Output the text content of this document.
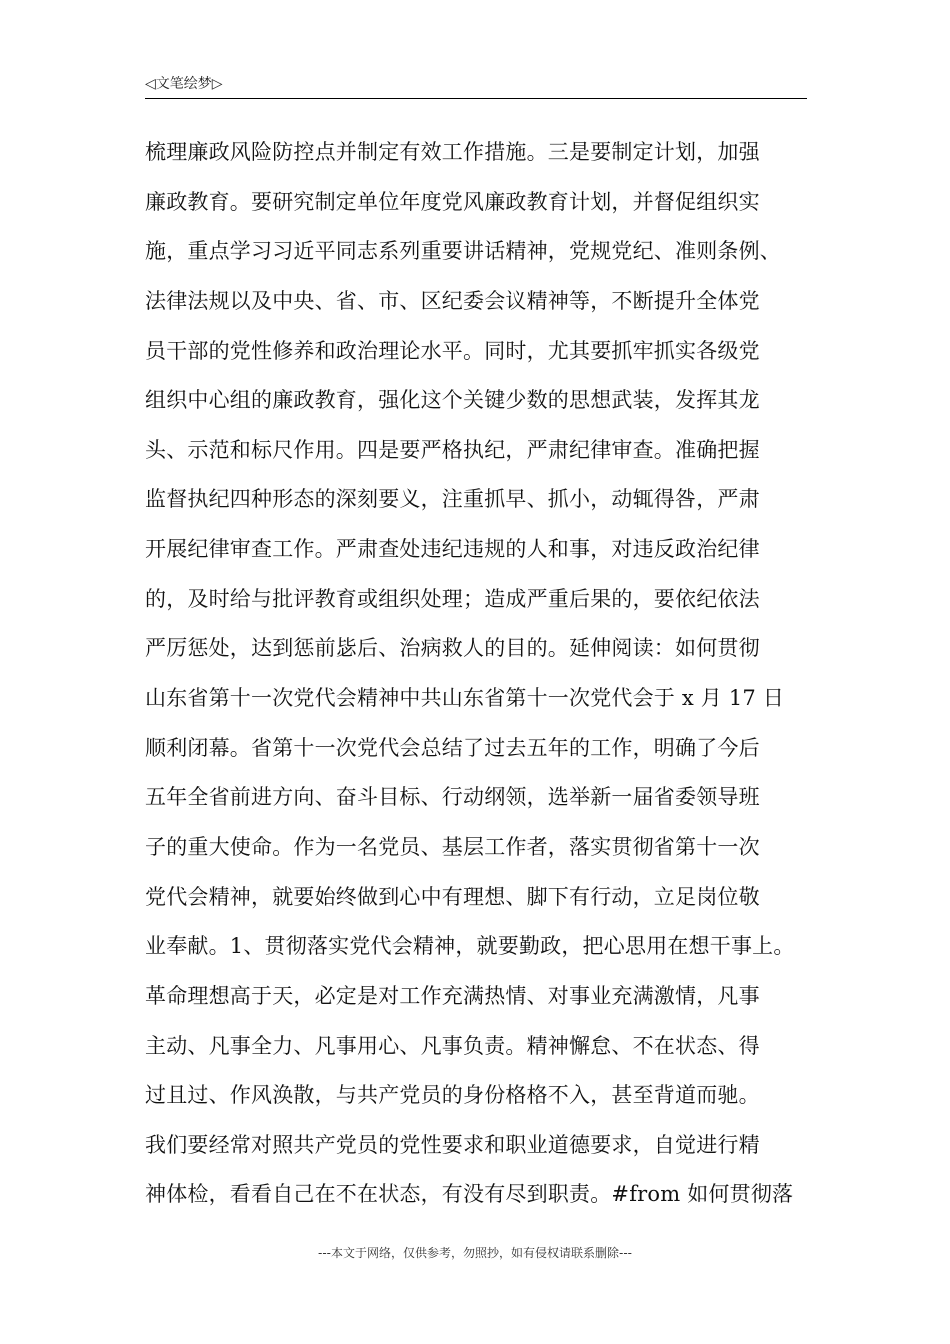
◁文笔绘梦▷
梳理廉政风险防控点并制定有效工作措施。三是要制定计划，加强
廉政教育。要研究制定单位年度党风廉政教育计划，并督促组织实
施，重点学习习近平同志系列重要讲话精神，党规党纪、准则条例、
法律法规以及中央、省、市、区纪委会议精神等，不断提升全体党
员干部的党性修养和政治理论水平。同时，尤其要抓牢抓实各级党
组织中心组的廉政教育，强化这个关键少数的思想武装，发挥其龙
头、示范和标尺作用。四是要严格执纪，严肃纪律审查。准确把握
监督执纪四种形态的深刻要义，注重抓早、抓小，动辄得咎，严肃
开展纪律审查工作。严肃查处违纪违规的人和事，对违反政治纪律
的，及时给与批评教育或组织处理；造成严重后果的，要依纪依法
严厉惩处，达到惩前毖后、治病救人的目的。延伸阅读：如何贯彻
山东省第十一次党代会精神中共山东省第十一次党代会于 x 月 17 日
顺利闭幕。省第十一次党代会总结了过去五年的工作，明确了今后
五年全省前进方向、奋斗目标、行动纲领，选举新一届省委领导班
子的重大使命。作为一名党员、基层工作者，落实贯彻省第十一次
党代会精神，就要始终做到心中有理想、脚下有行动，立足岗位敬
业奉献。1、贯彻落实党代会精神，就要勤政，把心思用在想干事上。
革命理想高于天，必定是对工作充满热情、对事业充满激情，凡事
主动、凡事全力、凡事用心、凡事负责。精神懈怠、不在状态、得
过且过、作风涣散，与共产党员的身份格格不入，甚至背道而驰。
我们要经常对照共产党员的党性要求和职业道德要求，自觉进行精
神体检，看看自己在不在状态，有没有尽到职责。#from 如何贯彻落
---本文于网络，仅供参考，勿照抄，如有侵权请联系删除---
